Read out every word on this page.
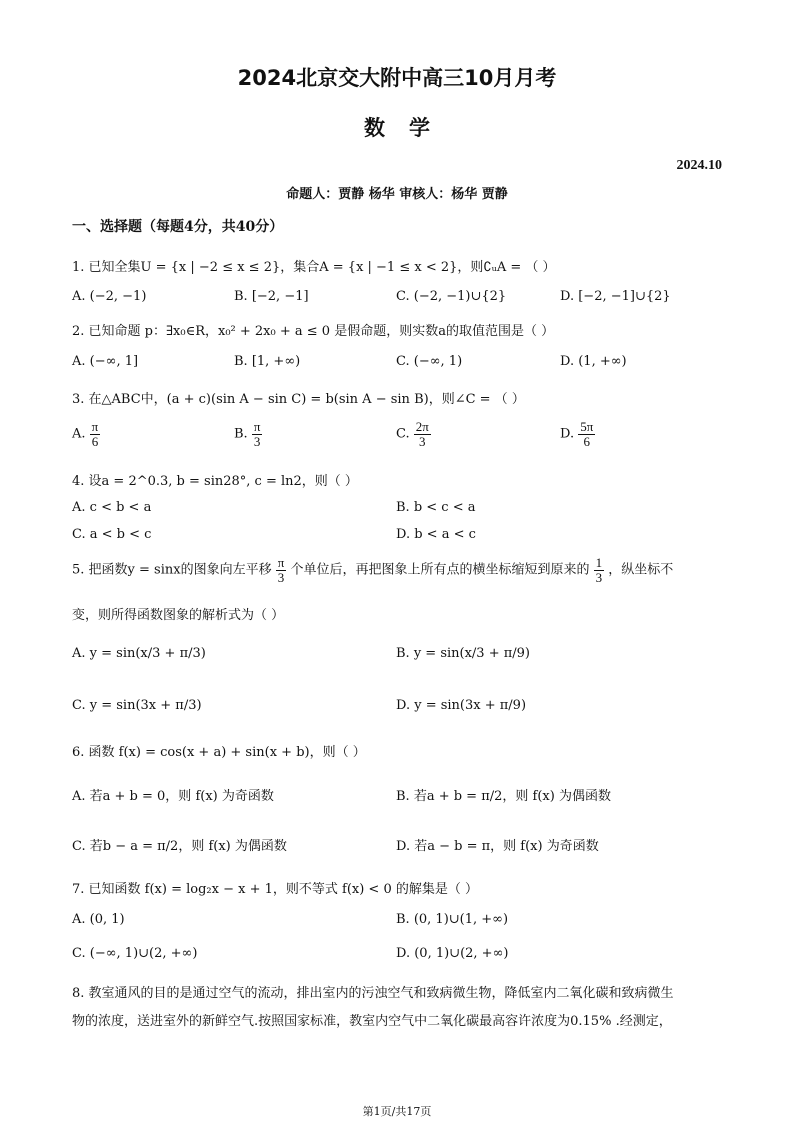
2024北京交大附中高三10月月考
数学
2024.10
命题人：贾静 杨华 审核人：杨华 贾静
一、选择题（每题4分，共40分）
1. 已知全集U = {x | −2 ≤ x ≤ 2}，集合A = {x | −1 ≤ x < 2}，则∁ᵤA = （ ）
A. (−2, −1)	B. [−2, −1]	C. (−2, −1)∪{2}	D. [−2, −1]∪{2}
2. 已知命题 p：∃x₀∈R，x₀² + 2x₀ + a ≤ 0 是假命题，则实数a的取值范围是（ ）
A. (−∞, 1]	B. [1, +∞)	C. (−∞, 1)	D. (1, +∞)
3. 在△ABC中，(a + c)(sin A − sin C) = b(sin A − sin B)，则∠C = （ ）
A. $\frac{\pi}{6}$	B. $\frac{\pi}{3}$	C. $\frac{2\pi}{3}$	D. $\frac{5\pi}{6}$
4. 设a = 2^0.3, b = sin28°, c = ln2，则（ ）
A. c < b < a	B. b < c < a
C. a < b < c	D. b < a < c
5. 把函数y = sinx的图象向左平移 $\frac{\pi}{3}$ 个单位后，再把图象上所有点的横坐标缩短到原来的 $\frac{1}{3}$ ，纵坐标不
变，则所得函数图象的解析式为（ ）
A. y = sin(x/3 + π/3)	B. y = sin(x/3 + π/9)
C. y = sin(3x + π/3)	D. y = sin(3x + π/9)
6. 函数 f(x) = cos(x + a) + sin(x + b)，则（ ）
A. 若a + b = 0，则 f(x) 为奇函数	B. 若a + b = π/2，则 f(x) 为偶函数
C. 若b − a = π/2，则 f(x) 为偶函数	D. 若a − b = π，则 f(x) 为奇函数
7. 已知函数 f(x) = log₂x − x + 1，则不等式 f(x) < 0 的解集是（ ）
A. (0, 1)	B. (0, 1)∪(1, +∞)
C. (−∞, 1)∪(2, +∞)	D. (0, 1)∪(2, +∞)
8. 教室通风的目的是通过空气的流动，排出室内的污浊空气和致病微生物，降低室内二氧化碳和致病微生
物的浓度，送进室外的新鲜空气.按照国家标准，教室内空气中二氧化碳最高容许浓度为0.15% .经测定，
第1页/共17页
